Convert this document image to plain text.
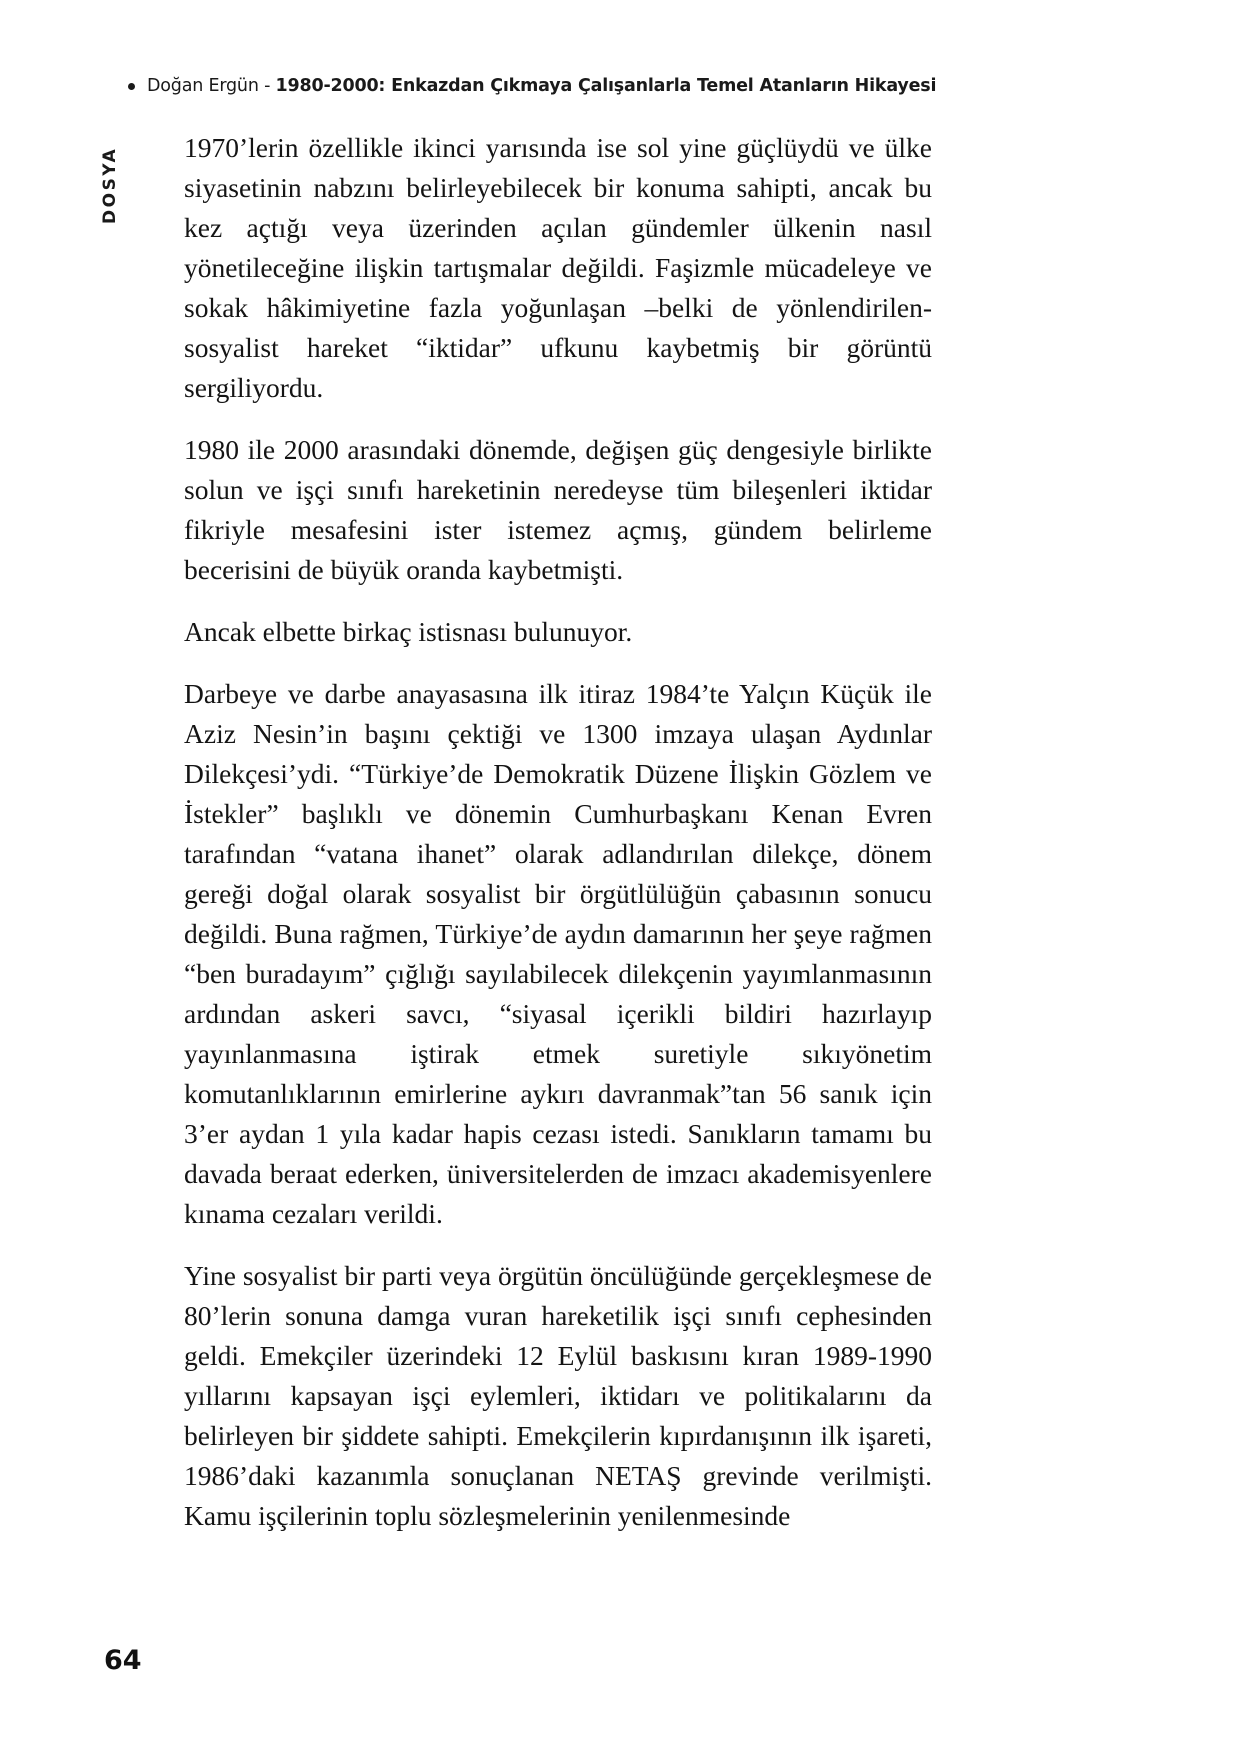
Doğan Ergün - 1980-2000: Enkazdan Çıkmaya Çalışanlarla Temel Atanların Hikayesi
DOSYA 1970’lerin özellikle ikinci yarısında ise sol yine güçlüydü ve ülke siyasetinin nabzını belirleyebilecek bir konuma sahipti, ancak bu kez açtığı veya üzerinden açılan gündemler ülkenin nasıl yönetileceğine ilişkin tartışmalar değildi. Faşizmle mücadeleye ve sokak hâkimiyetine fazla yoğunlaşan –belki de yönlendirilen- sosyalist hareket “iktidar” ufkunu kaybetmiş bir görüntü sergiliyordu.

1980 ile 2000 arasındaki dönemde, değişen güç dengesiyle birlikte solun ve işçi sınıfı hareketinin neredeyse tüm bileşenleri iktidar fikriyle mesafesini ister istemez açmış, gündem belirleme becerisini de büyük oranda kaybetmişti.

Ancak elbette birkaç istisnası bulunuyor.

Darbeye ve darbe anayasasına ilk itiraz 1984’te Yalçın Küçük ile Aziz Nesin’in başını çektiği ve 1300 imzaya ulaşan Aydınlar Dilekçesi’ydi. “Türkiye’de Demokratik Düzene İlişkin Gözlem ve İstekler” başlıklı ve dönemin Cumhurbaşkanı Kenan Evren tarafından “vatana ihanet” olarak adlandırılan dilekçe, dönem gereği doğal olarak sosyalist bir örgütlülüğün çabasının sonucu değildi. Buna rağmen, Türkiye’de aydın damarının her şeye rağmen “ben buradayım” çığlığı sayılabilecek dilekçenin yayımlanmasının ardından askeri savcı, “siyasal içerikli bildiri hazırlayıp yayınlanmasına iştirak etmek suretiyle sıkıyönetim komutanlıklarının emirlerine aykırı davranmak”tan 56 sanık için 3’er aydan 1 yıla kadar hapis cezası istedi. Sanıkların tamamı bu davada beraat ederken, üniversitelerden de imzacı akademisyenlere kınama cezaları verildi.

Yine sosyalist bir parti veya örgütün öncülüğünde gerçekleşmese de 80’lerin sonuna damga vuran hareketilik işçi sınıfı cephesinden geldi. Emekçiler üzerindeki 12 Eylül baskısını kıran 1989-1990 yıllarını kapsayan işçi eylemleri, iktidarı ve politikalarını da belirleyen bir şiddete sahipti. Emekçilerin kıpırdanışının ilk işareti, 1986’daki kazanımla sonuçlanan NETAŞ grevinde verilmişti. Kamu işçilerinin toplu sözleşmelerinin yenilenmesinde

64
